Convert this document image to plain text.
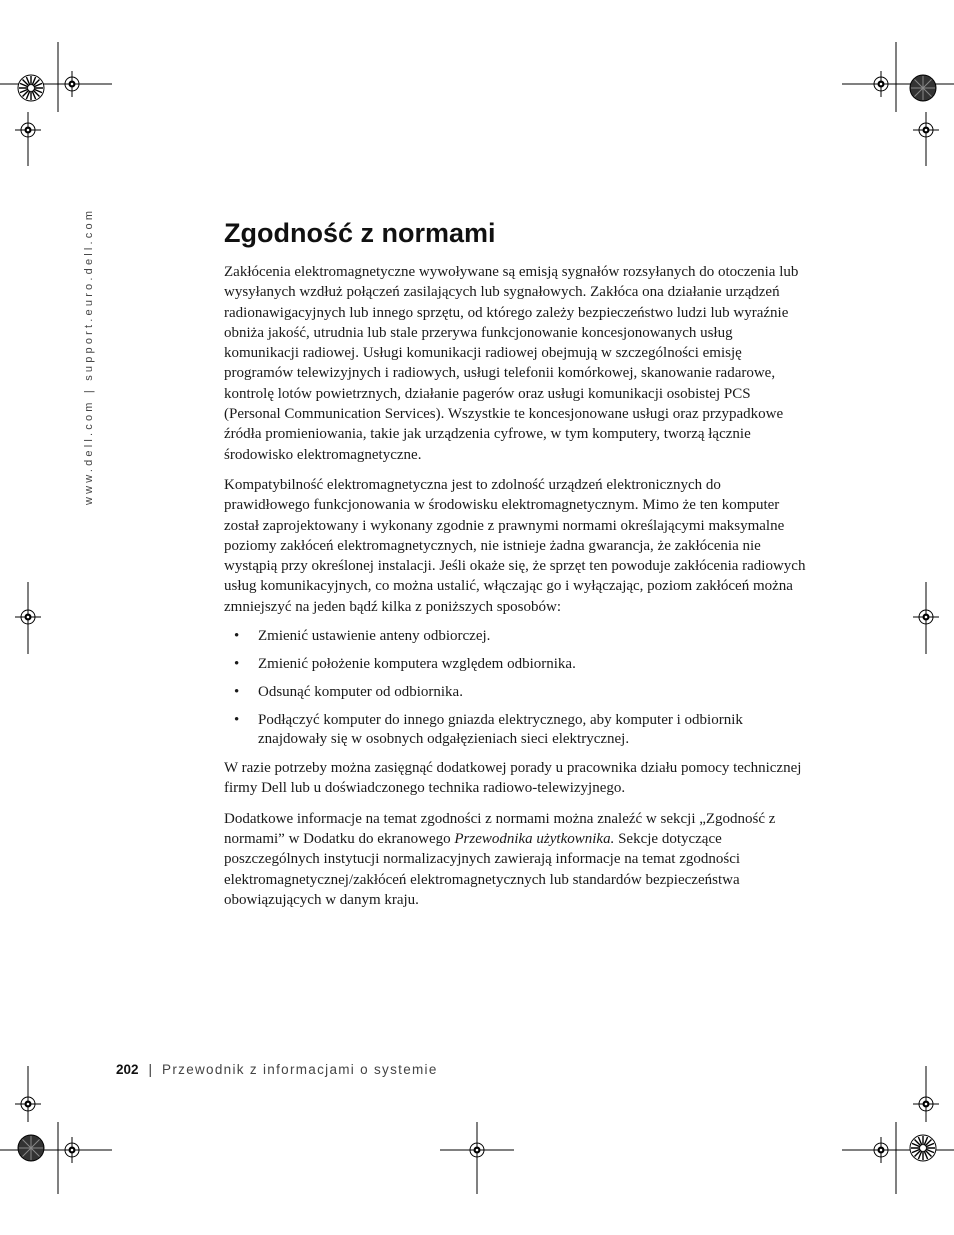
www.dell.com | support.euro.dell.com	Zgodność z normami

Zakłócenia elektromagnetyczne wywoływane są emisją sygnałów rozsyłanych do otoczenia lub wysyłanych wzdłuż połączeń zasilających lub sygnałowych. Zakłóca ona działanie urządzeń radionawigacyjnych lub innego sprzętu, od którego zależy bezpieczeństwo ludzi lub wyraźnie obniża jakość, utrudnia lub stale przerywa funkcjonowanie koncesjonowanych usług komunikacji radiowej. Usługi komunikacji radiowej obejmują w szczególności emisję programów telewizyjnych i radiowych, usługi telefonii komórkowej, skanowanie radarowe, kontrolę lotów powietrznych, działanie pagerów oraz usługi komunikacji osobistej PCS (Personal Communication Services). Wszystkie te koncesjonowane usługi oraz przypadkowe źródła promieniowania, takie jak urządzenia cyfrowe, w tym komputery, tworzą łącznie środowisko elektromagnetyczne.

Kompatybilność elektromagnetyczna jest to zdolność urządzeń elektronicznych do prawidłowego funkcjonowania w środowisku elektromagnetycznym. Mimo że ten komputer został zaprojektowany i wykonany zgodnie z prawnymi normami określającymi maksymalne poziomy zakłóceń elektromagnetycznych, nie istnieje żadna gwarancja, że zakłócenia nie wystąpią przy określonej instalacji. Jeśli okaże się, że sprzęt ten powoduje zakłócenia radiowych usług komunikacyjnych, co można ustalić, włączając go i wyłączając, poziom zakłóceń można zmniejszyć na jeden bądź kilka z poniższych sposobów:

• Zmienić ustawienie anteny odbiorczej.
• Zmienić położenie komputera względem odbiornika.
• Odsunąć komputer od odbiornika.
• Podłączyć komputer do innego gniazda elektrycznego, aby komputer i odbiornik znajdowały się w osobnych odgałęzieniach sieci elektrycznej.

W razie potrzeby można zasięgnąć dodatkowej porady u pracownika działu pomocy technicznej firmy Dell lub u doświadczonego technika radiowo-telewizyjnego.

Dodatkowe informacje na temat zgodności z normami można znaleźć w sekcji „Zgodność z normami” w Dodatku do ekranowego Przewodnika użytkownika. Sekcje dotyczące poszczególnych instytucji normalizacyjnych zawierają informacje na temat zgodności elektromagnetycznej/zakłóceń elektromagnetycznych lub standardów bezpieczeństwa obowiązujących w danym kraju.

202 | Przewodnik z informacjami o systemie
